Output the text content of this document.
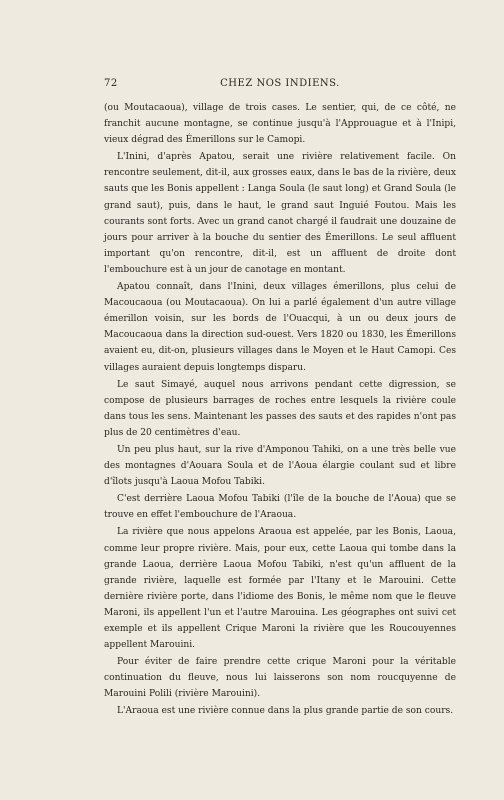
72	CHEZ NOS INDIENS.

(ou Moutacaoua), village de trois cases. Le sentier, qui, de ce côté, ne franchit aucune montagne, se continue jusqu'à l'Approuague et à l'Inipi, vieux dégrad des Émerillons sur le Camopi.

L'Inini, d'après Apatou, serait une rivière relativement facile. On rencontre seulement, dit-il, aux grosses eaux, dans le bas de la rivière, deux sauts que les Bonis appellent : Langa Soula (le saut long) et Grand Soula (le grand saut), puis, dans le haut, le grand saut Inguié Foutou. Mais les courants sont forts. Avec un grand canot chargé il faudrait une douzaine de jours pour arriver à la bouche du sentier des Émerillons. Le seul affluent important qu'on rencontre, dit-il, est un affluent de droite dont l'embouchure est à un jour de canotage en montant.

Apatou connaît, dans l'Inini, deux villages émerillons, plus celui de Macoucaoua (ou Moutacaoua). On lui a parlé également d'un autre village émerillon voisin, sur les bords de l'Ouacqui, à un ou deux jours de Macoucaoua dans la direction sud-ouest. Vers 1820 ou 1830, les Émerillons avaient eu, dit-on, plusieurs villages dans le Moyen et le Haut Camopi. Ces villages auraient depuis longtemps disparu.

Le saut Simayé, auquel nous arrivons pendant cette digression, se compose de plusieurs barrages de roches entre lesquels la rivière coule dans tous les sens. Maintenant les passes des sauts et des rapides n'ont pas plus de 20 centimètres d'eau.

Un peu plus haut, sur la rive d'Amponou Tahiki, on a une très belle vue des montagnes d'Aouara Soula et de l'Aoua élargie coulant sud et libre d'îlots jusqu'à Laoua Mofou Tabiki.

C'est derrière Laoua Mofou Tabiki (l'île de la bouche de l'Aoua) que se trouve en effet l'embouchure de l'Araoua.

La rivière que nous appelons Araoua est appelée, par les Bonis, Laoua, comme leur propre rivière. Mais, pour eux, cette Laoua qui tombe dans la grande Laoua, derrière Laoua Mofou Tabiki, n'est qu'un affluent de la grande rivière, laquelle est formée par l'Itany et le Marouini. Cette dernière rivière porte, dans l'idiome des Bonis, le même nom que le fleuve Maroni, ils appellent l'un et l'autre Marouina. Les géographes ont suivi cet exemple et ils appellent Crique Maroni la rivière que les Roucouyennes appellent Marouini.

Pour éviter de faire prendre cette crique Maroni pour la véritable continuation du fleuve, nous lui laisserons son nom roucquyenne de Marouini Polili (rivière Marouini).

L'Araoua est une rivière connue dans la plus grande partie de son cours.
